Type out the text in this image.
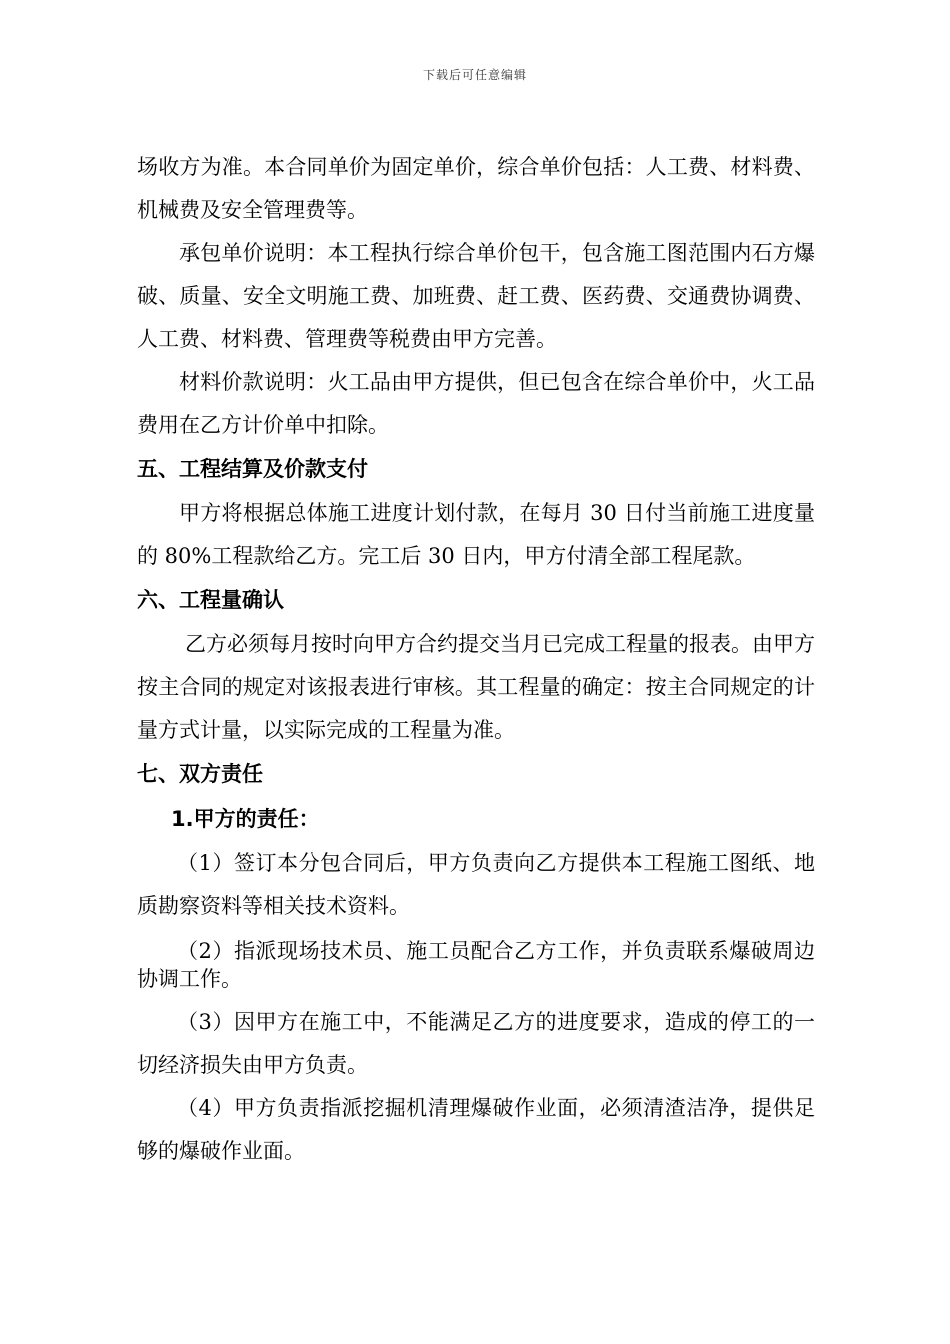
下载后可任意编辑

场收方为准。本合同单价为固定单价，综合单价包括：人工费、材料费、机械费及安全管理费等。

承包单价说明：本工程执行综合单价包干，包含施工图范围内石方爆破、质量、安全文明施工费、加班费、赶工费、医药费、交通费协调费、人工费、材料费、管理费等税费由甲方完善。

材料价款说明：火工品由甲方提供，但已包含在综合单价中，火工品费用在乙方计价单中扣除。

五、工程结算及价款支付

甲方将根据总体施工进度计划付款，在每月 30 日付当前施工进度量的 80%工程款给乙方。完工后 30 日内，甲方付清全部工程尾款。

六、工程量确认

乙方必须每月按时向甲方合约提交当月已完成工程量的报表。由甲方按主合同的规定对该报表进行审核。其工程量的确定：按主合同规定的计量方式计量，以实际完成的工程量为准。

七、双方责任
1.甲方的责任：

（1）签订本分包合同后，甲方负责向乙方提供本工程施工图纸、地质勘察资料等相关技术资料。

（2）指派现场技术员、施工员配合乙方工作，并负责联系爆破周边协调工作。

（3）因甲方在施工中，不能满足乙方的进度要求，造成的停工的一切经济损失由甲方负责。

（4）甲方负责指派挖掘机清理爆破作业面，必须清渣洁净，提供足够的爆破作业面。
